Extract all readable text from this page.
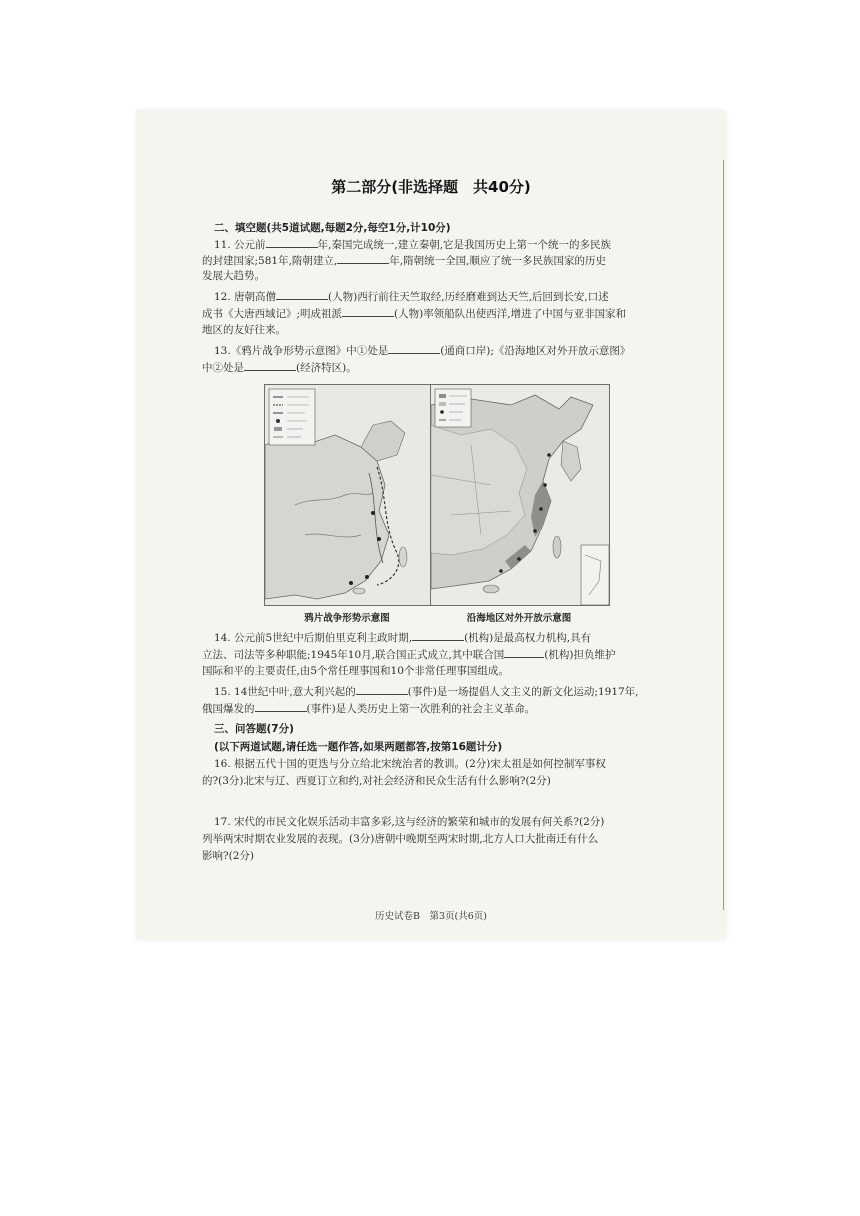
第二部分(非选择题　共40分)
二、填空题(共5道试题,每题2分,每空1分,计10分)
11. 公元前	年,秦国完成统一,建立秦朝,它是我国历史上第一个统一的多民族
的封建国家;581年,隋朝建立,	年,隋朝统一全国,顺应了统一多民族国家的历史
发展大趋势。
12. 唐朝高僧	(人物)西行前往天竺取经,历经磨难到达天竺,后回到长安,口述
成书《大唐西域记》;明成祖派	(人物)率领船队出使西洋,增进了中国与亚非国家和
地区的友好往来。
13.《鸦片战争形势示意图》中①处是	(通商口岸);《沿海地区对外开放示意图》
中②处是	(经济特区)。
鸦片战争形势示意图	沿海地区对外开放示意图
14. 公元前5世纪中后期伯里克利主政时期,	(机构)是最高权力机构,具有
立法、司法等多种职能;1945年10月,联合国正式成立,其中联合国	(机构)担负维护
国际和平的主要责任,由5个常任理事国和10个非常任理事国组成。
15. 14世纪中叶,意大利兴起的	(事件)是一场提倡人文主义的新文化运动;1917年,
俄国爆发的	(事件)是人类历史上第一次胜利的社会主义革命。
三、问答题(7分)
(以下两道试题,请任选一题作答,如果两题都答,按第16题计分)
16. 根据五代十国的更迭与分立给北宋统治者的教训。(2分)宋太祖是如何控制军事权
的?(3分)北宋与辽、西夏订立和约,对社会经济和民众生活有什么影响?(2分)
17. 宋代的市民文化娱乐活动丰富多彩,这与经济的繁荣和城市的发展有何关系?(2分)
列举两宋时期农业发展的表现。(3分)唐朝中晚期至两宋时期,北方人口大批南迁有什么
影响?(2分)
历史试卷B　第3页(共6页)
